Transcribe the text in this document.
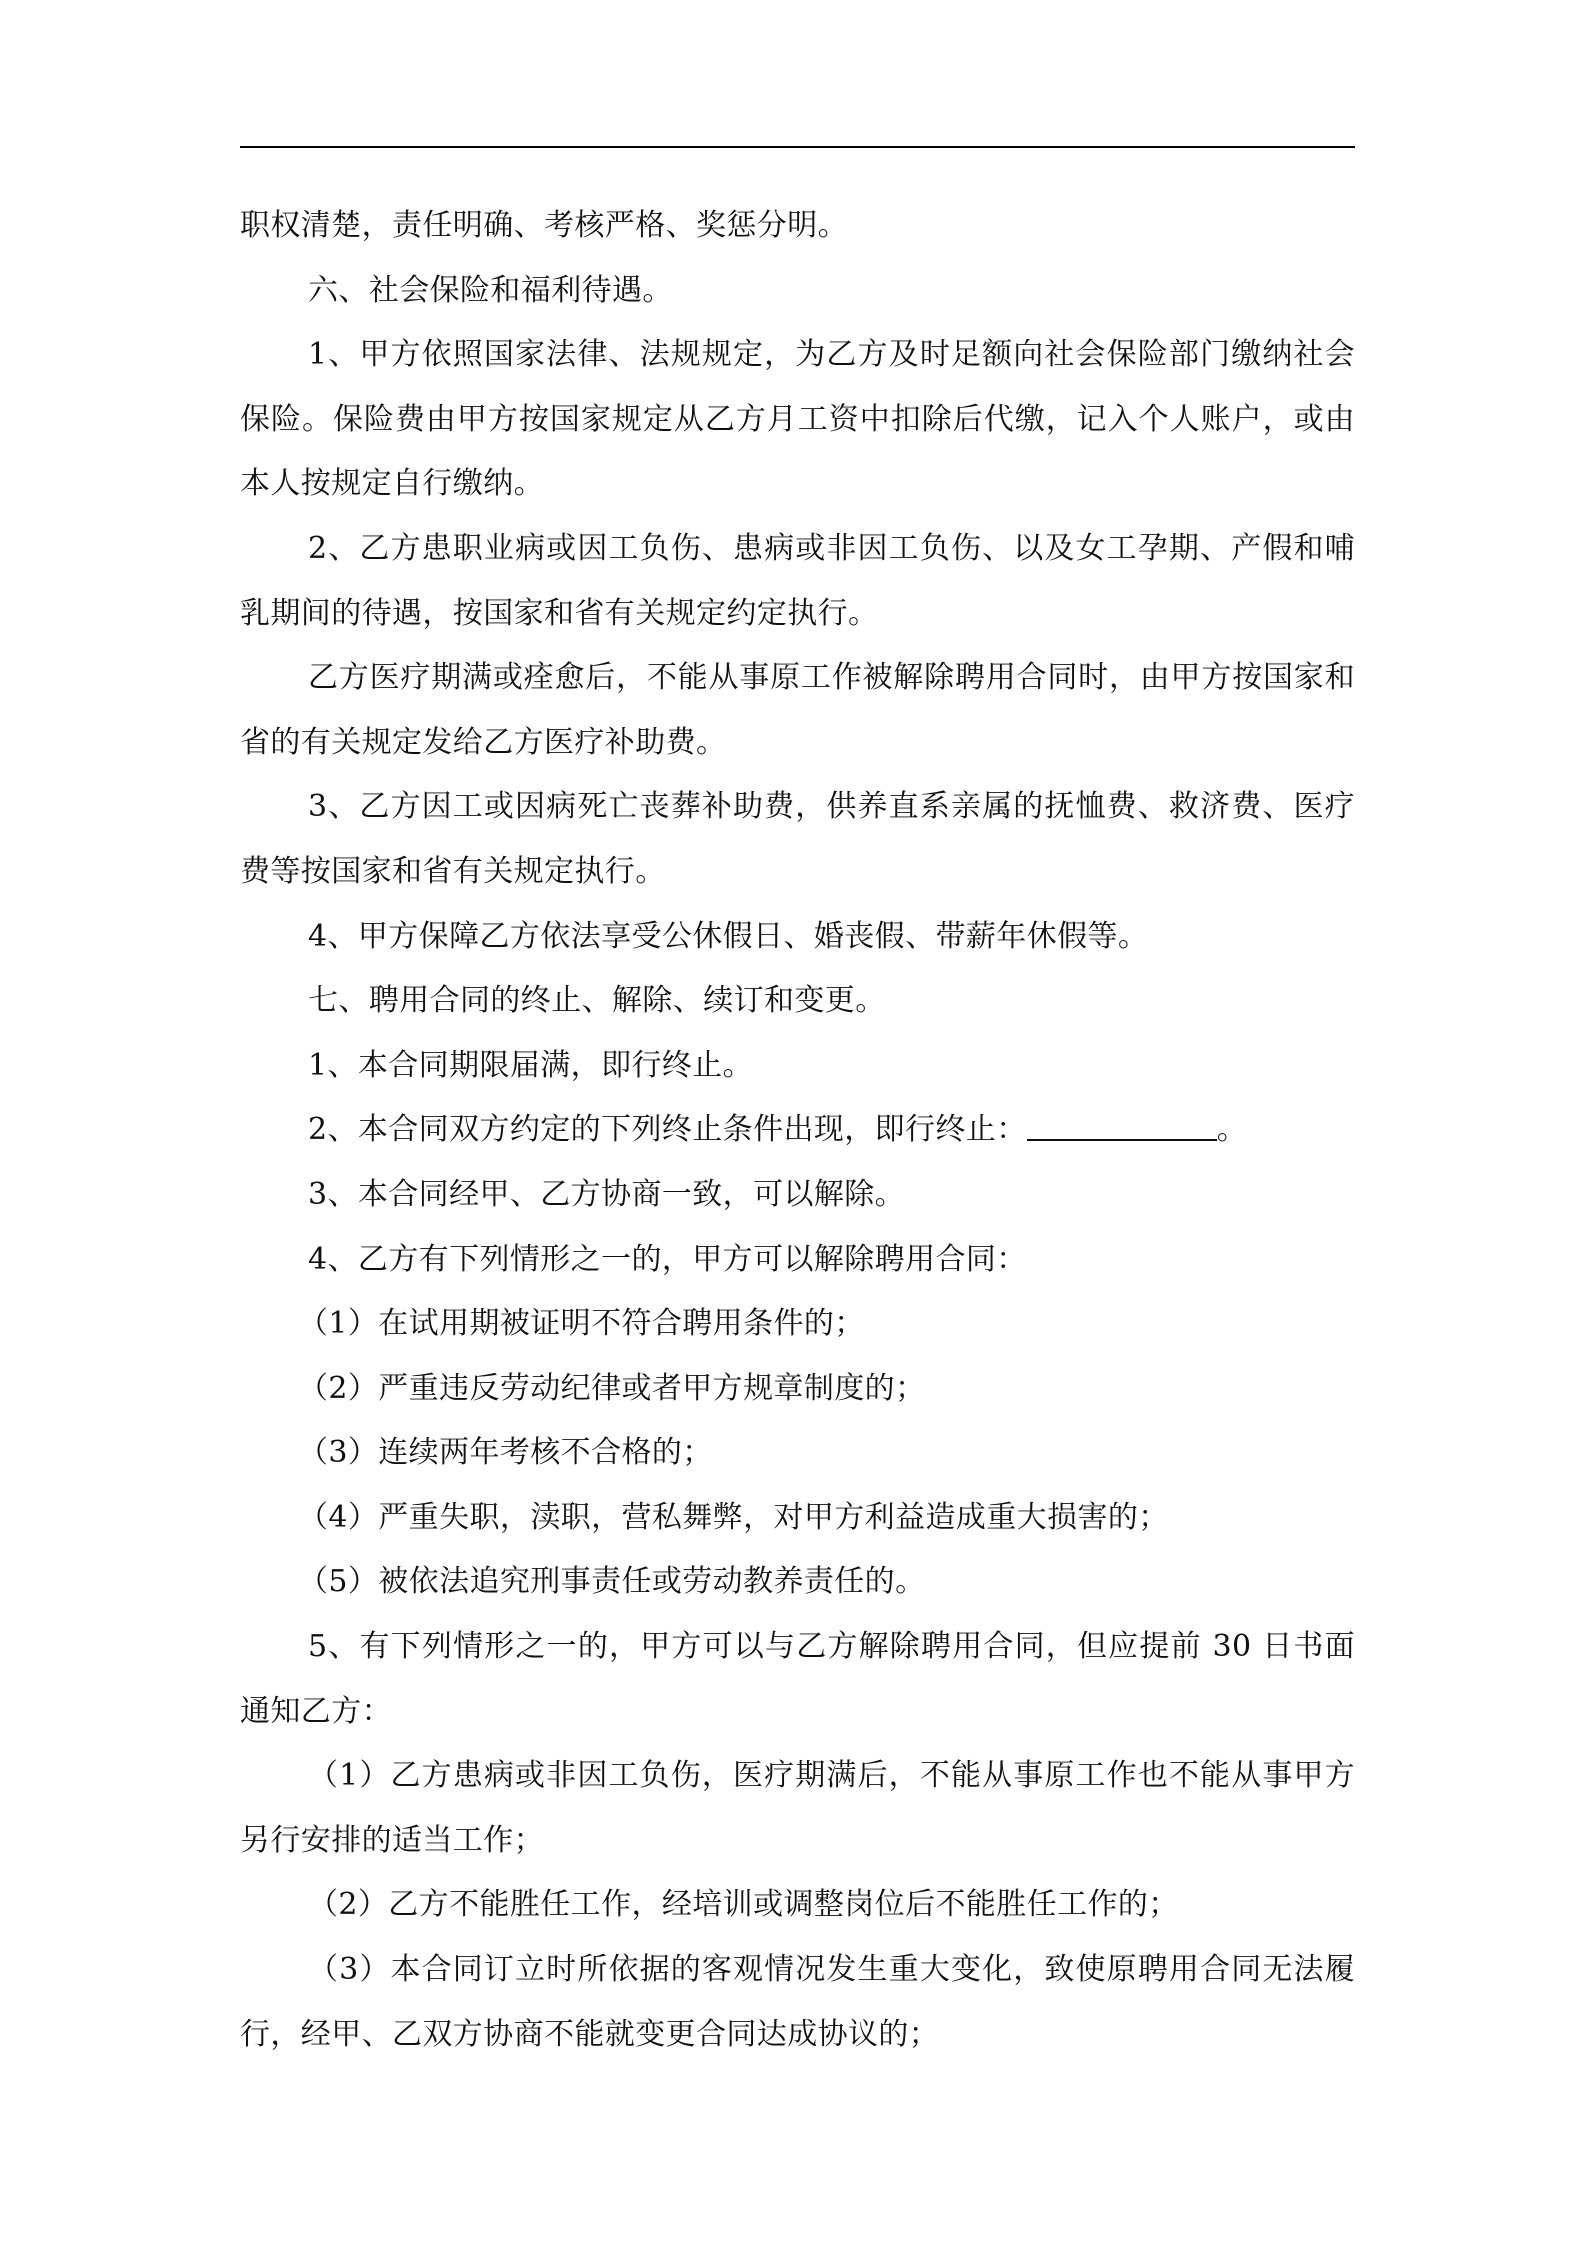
职权清楚，责任明确、考核严格、奖惩分明。

六、社会保险和福利待遇。

1、甲方依照国家法律、法规规定，为乙方及时足额向社会保险部门缴纳社会保险。保险费由甲方按国家规定从乙方月工资中扣除后代缴，记入个人账户，或由本人按规定自行缴纳。

2、乙方患职业病或因工负伤、患病或非因工负伤、以及女工孕期、产假和哺乳期间的待遇，按国家和省有关规定约定执行。

乙方医疗期满或痊愈后，不能从事原工作被解除聘用合同时，由甲方按国家和省的有关规定发给乙方医疗补助费。

3、乙方因工或因病死亡丧葬补助费，供养直系亲属的抚恤费、救济费、医疗费等按国家和省有关规定执行。

4、甲方保障乙方依法享受公休假日、婚丧假、带薪年休假等。

七、聘用合同的终止、解除、续订和变更。

1、本合同期限届满，即行终止。

2、本合同双方约定的下列终止条件出现，即行终止：	。

3、本合同经甲、乙方协商一致，可以解除。

4、乙方有下列情形之一的，甲方可以解除聘用合同：

（1）在试用期被证明不符合聘用条件的；

（2）严重违反劳动纪律或者甲方规章制度的；

（3）连续两年考核不合格的；

（4）严重失职，渎职，营私舞弊，对甲方利益造成重大损害的；

（5）被依法追究刑事责任或劳动教养责任的。

5、有下列情形之一的，甲方可以与乙方解除聘用合同，但应提前 30 日书面通知乙方：

（1）乙方患病或非因工负伤，医疗期满后，不能从事原工作也不能从事甲方另行安排的适当工作；

（2）乙方不能胜任工作，经培训或调整岗位后不能胜任工作的；

（3）本合同订立时所依据的客观情况发生重大变化，致使原聘用合同无法履行，经甲、乙双方协商不能就变更合同达成协议的；
